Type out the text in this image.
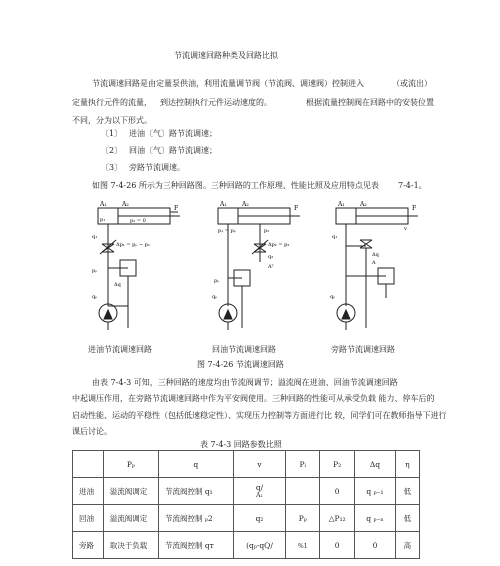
节流调速回路种类及回路比拟
节流调速回路是由定量泵供油，利用流量调节阀（节流阀、调速阀）控制进入	（或流出）
定量执行元件的流量， 到达控制执行元件运动速度的。	根据流量控制阀在回路中的安装位置
不同，分为以下形式。
〔1〕 进油〔气〕路节流调速；
〔2〕 回油〔气〕路节流调速；
〔3〕 旁路节流调速。
如图 7-4-26 所示为三种回路图。三种回路的工作原理、性能比照及应用特点见表 7-4-1。
A₁	A₂
F
p₁	p₂ = 0
q₁
Δp₁ = pₚ − p₁
pₚ
qₚ
Δq
A₁	A₂
F
p₁ = pₚ	p₂
Δp₂ = p₂
q₂
Aᵀ
pₚ
qₚ
A₁	A₂
F
v
q₁
Δq
A
qₚ
进油节流调速回路	回油节流调速回路	旁路节流调速回路
图 7-4-26 节流调速回路
由表 7-4-3 可知，三种回路的速度均由节流阀调节；溢流阀在进油、回油节流调速回路
中起调压作用，在旁路节流调速回路中作为平安阀使用。三种回路的性能可从承受负载 能力、停车后的
启动性能、运动的平稳性（包括低速稳定性）、实现压力控制等方面进行比 较，同学们可在教师指导下进行
课后讨论。
表 7-4-3 回路参数比照
	Pₚ	q	v	Pᵢ	P₂	Δq	η
进油	溢流阀调定	节流阀控制 q₁	q/
A₁		0	q ₚ₋₁	低
回油	溢流阀调定	节流阀控制 ₚ2	q₂	Pₚ	△P₁₂	q ₚ₋ₙ	低
旁路	取决于负载	节流阀控制 qᴛ	(qₚ-qQ/	%1	0	0	高
